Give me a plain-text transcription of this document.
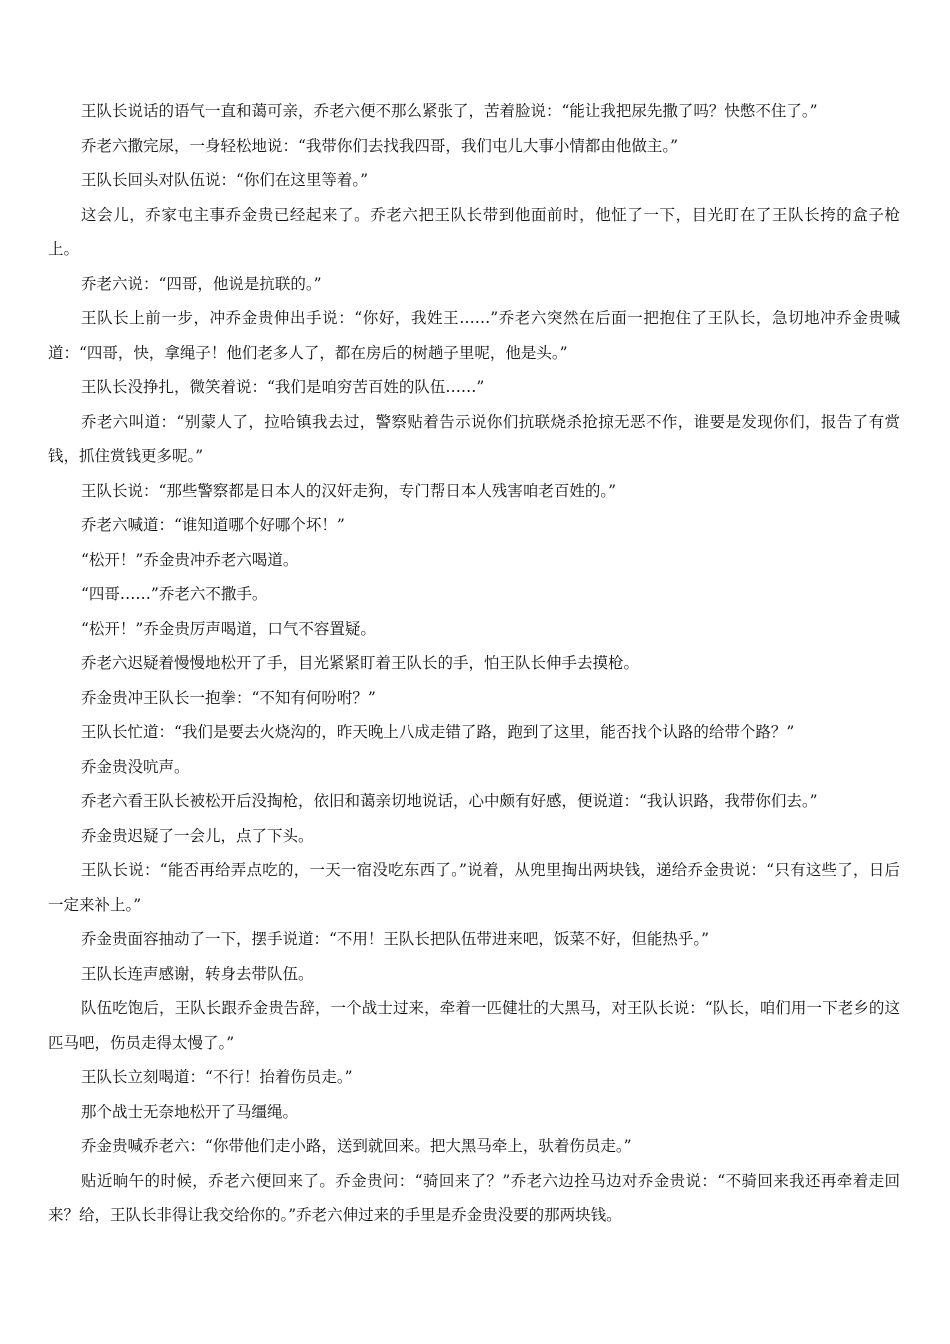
王队长说话的语气一直和蔼可亲，乔老六便不那么紧张了，苦着脸说：“能让我把尿先撒了吗？快憋不住了。”

乔老六撒完尿，一身轻松地说：“我带你们去找我四哥，我们屯儿大事小情都由他做主。”

王队长回头对队伍说：“你们在这里等着。”

这会儿，乔家屯主事乔金贵已经起来了。乔老六把王队长带到他面前时，他怔了一下，目光盯在了王队长挎的盒子枪上。

乔老六说：“四哥，他说是抗联的。”

王队长上前一步，冲乔金贵伸出手说：“你好，我姓王……”乔老六突然在后面一把抱住了王队长，急切地冲乔金贵喊道：“四哥，快，拿绳子！他们老多人了，都在房后的树趟子里呢，他是头。”

王队长没挣扎，微笑着说：“我们是咱穷苦百姓的队伍……”

乔老六叫道：“别蒙人了，拉哈镇我去过，警察贴着告示说你们抗联烧杀抢掠无恶不作，谁要是发现你们，报告了有赏钱，抓住赏钱更多呢。”

王队长说：“那些警察都是日本人的汉奸走狗，专门帮日本人残害咱老百姓的。”

乔老六喊道：“谁知道哪个好哪个坏！”

“松开！”乔金贵冲乔老六喝道。

“四哥……”乔老六不撒手。

“松开！”乔金贵厉声喝道，口气不容置疑。

乔老六迟疑着慢慢地松开了手，目光紧紧盯着王队长的手，怕王队长伸手去摸枪。

乔金贵冲王队长一抱拳：“不知有何吩咐？”

王队长忙道：“我们是要去火烧沟的，昨天晚上八成走错了路，跑到了这里，能否找个认路的给带个路？”

乔金贵没吭声。

乔老六看王队长被松开后没掏枪，依旧和蔼亲切地说话，心中颇有好感，便说道：“我认识路，我带你们去。”

乔金贵迟疑了一会儿，点了下头。

王队长说：“能否再给弄点吃的，一天一宿没吃东西了。”说着，从兜里掏出两块钱，递给乔金贵说：“只有这些了，日后一定来补上。”

乔金贵面容抽动了一下，摆手说道：“不用！王队长把队伍带进来吧，饭菜不好，但能热乎。”

王队长连声感谢，转身去带队伍。

队伍吃饱后，王队长跟乔金贵告辞，一个战士过来，牵着一匹健壮的大黑马，对王队长说：“队长，咱们用一下老乡的这匹马吧，伤员走得太慢了。”

王队长立刻喝道：“不行！抬着伤员走。”

那个战士无奈地松开了马缰绳。

乔金贵喊乔老六：“你带他们走小路，送到就回来。把大黑马牵上，驮着伤员走。”

贴近晌午的时候，乔老六便回来了。乔金贵问：“骑回来了？”乔老六边拴马边对乔金贵说：“不骑回来我还再牵着走回来？给，王队长非得让我交给你的。”乔老六伸过来的手里是乔金贵没要的那两块钱。
